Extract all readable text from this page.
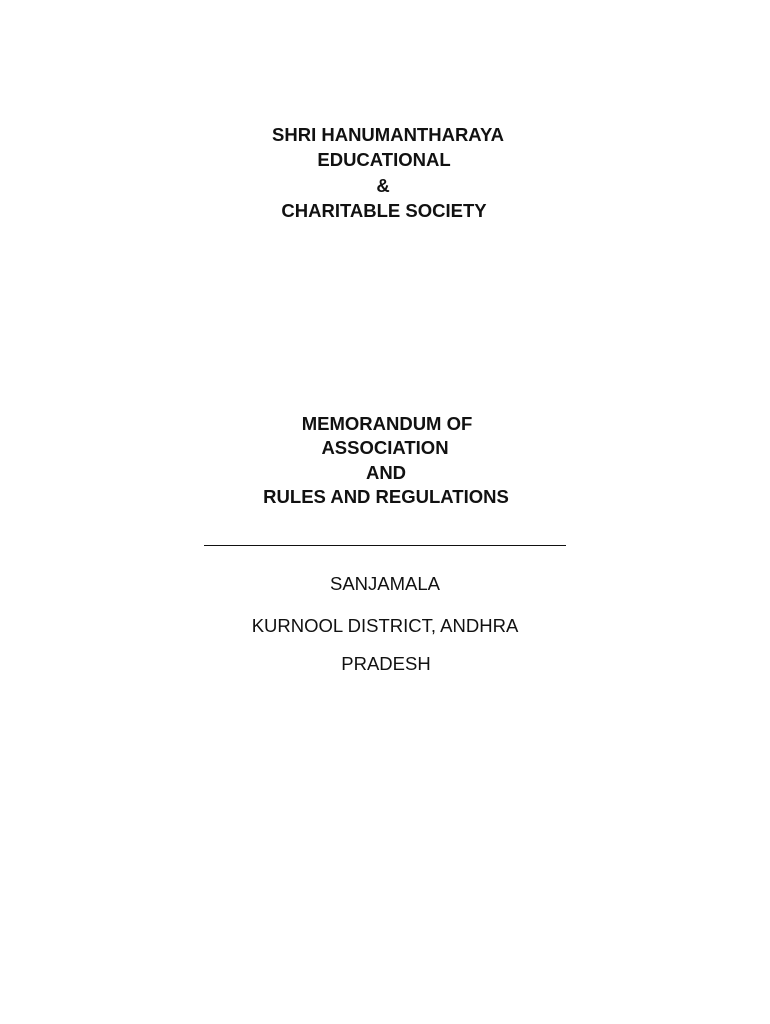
SHRI HANUMANTHARAYA
EDUCATIONAL
&
CHARITABLE SOCIETY
MEMORANDUM OF
ASSOCIATION
AND
RULES AND REGULATIONS
SANJAMALA
KURNOOL DISTRICT, ANDHRA
PRADESH
